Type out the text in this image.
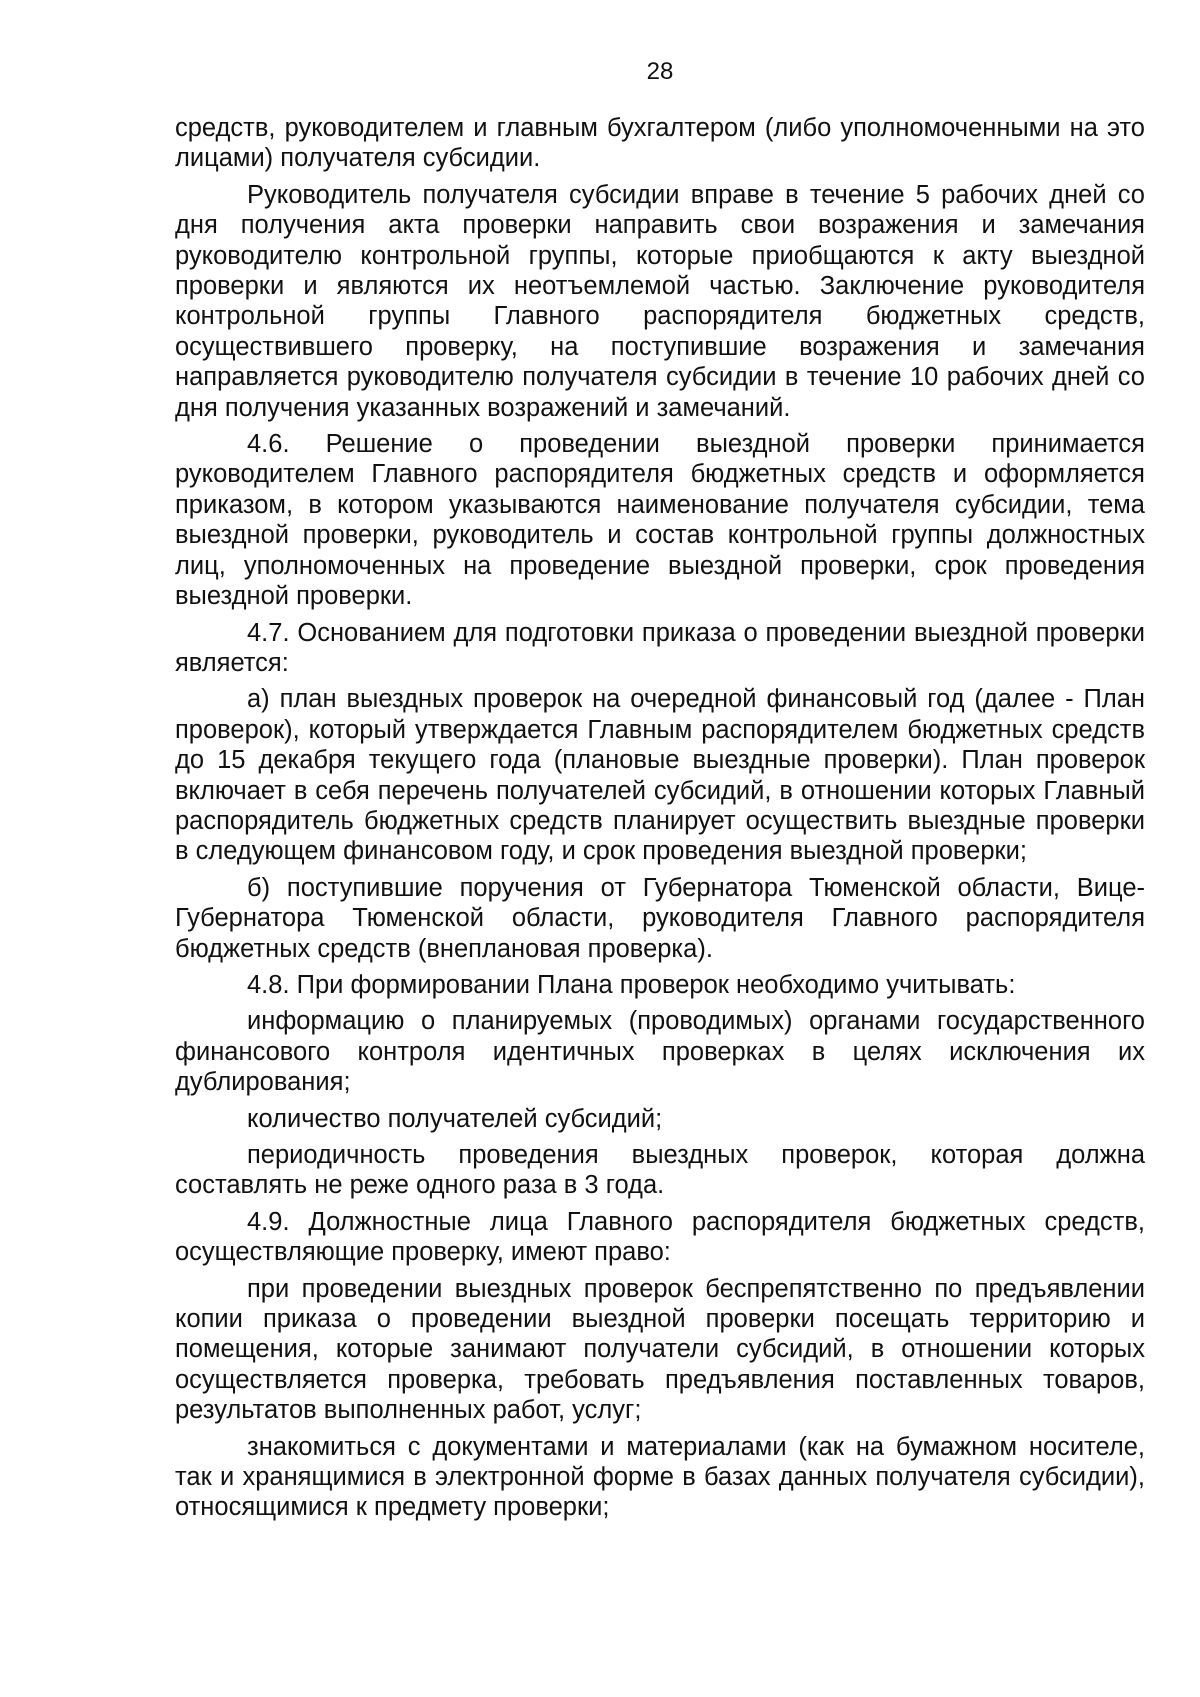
28

средств, руководителем и главным бухгалтером (либо уполномоченными на это лицами) получателя субсидии.

Руководитель получателя субсидии вправе в течение 5 рабочих дней со дня получения акта проверки направить свои возражения и замечания руководителю контрольной группы, которые приобщаются к акту выездной проверки и являются их неотъемлемой частью. Заключение руководителя контрольной группы Главного распорядителя бюджетных средств, осуществившего проверку, на поступившие возражения и замечания направляется руководителю получателя субсидии в течение 10 рабочих дней со дня получения указанных возражений и замечаний.

4.6. Решение о проведении выездной проверки принимается руководителем Главного распорядителя бюджетных средств и оформляется приказом, в котором указываются наименование получателя субсидии, тема выездной проверки, руководитель и состав контрольной группы должностных лиц, уполномоченных на проведение выездной проверки, срок проведения выездной проверки.

4.7. Основанием для подготовки приказа о проведении выездной проверки является:

а) план выездных проверок на очередной финансовый год (далее - План проверок), который утверждается Главным распорядителем бюджетных средств до 15 декабря текущего года (плановые выездные проверки). План проверок включает в себя перечень получателей субсидий, в отношении которых Главный распорядитель бюджетных средств планирует осуществить выездные проверки в следующем финансовом году, и срок проведения выездной проверки;

б) поступившие поручения от Губернатора Тюменской области, Вице-Губернатора Тюменской области, руководителя Главного распорядителя бюджетных средств (внеплановая проверка).

4.8. При формировании Плана проверок необходимо учитывать:

информацию о планируемых (проводимых) органами государственного финансового контроля идентичных проверках в целях исключения их дублирования;

количество получателей субсидий;

периодичность проведения выездных проверок, которая должна составлять не реже одного раза в 3 года.

4.9. Должностные лица Главного распорядителя бюджетных средств, осуществляющие проверку, имеют право:

при проведении выездных проверок беспрепятственно по предъявлении копии приказа о проведении выездной проверки посещать территорию и помещения, которые занимают получатели субсидий, в отношении которых осуществляется проверка, требовать предъявления поставленных товаров, результатов выполненных работ, услуг;

знакомиться с документами и материалами (как на бумажном носителе, так и хранящимися в электронной форме в базах данных получателя субсидии), относящимися к предмету проверки;
